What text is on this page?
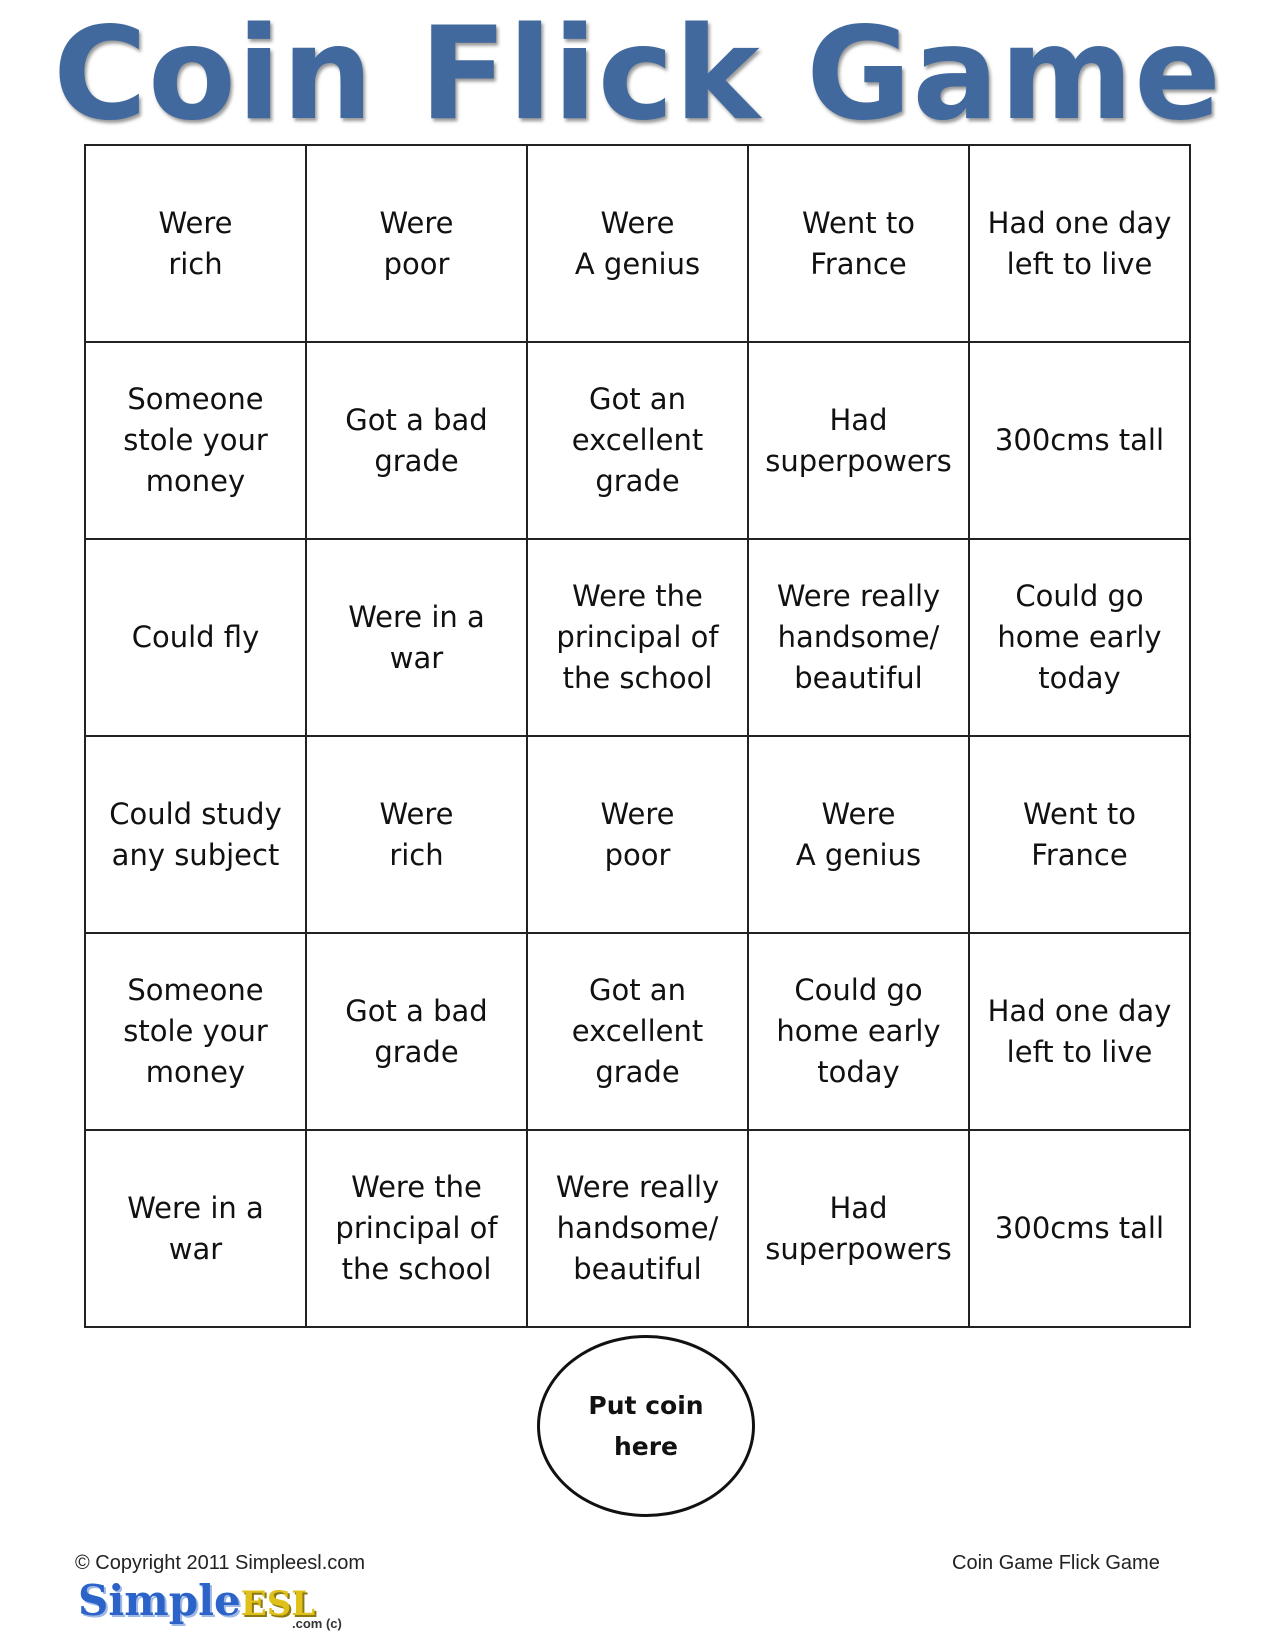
Coin Flick Game
Were
rich
Were
poor
Were
A genius
Went to
France
Had one day
left to live
Someone
stole your
money
Got a bad
grade
Got an
excellent
grade
Had
superpowers
300cms tall
Could fly
Were in a
war
Were the
principal of
the school
Were really
handsome/
beautiful
Could go
home early
today
Could study
any subject
Were
rich
Were
poor
Were
A genius
Went to
France
Someone
stole your
money
Got a bad
grade
Got an
excellent
grade
Could go
home early
today
Had one day
left to live
Were in a
war
Were the
principal of
the school
Were really
handsome/
beautiful
Had
superpowers
300cms tall
Put coin
here
© Copyright 2011 Simpleesl.com	Coin Game Flick Game
SimpleESL
.com (c)
